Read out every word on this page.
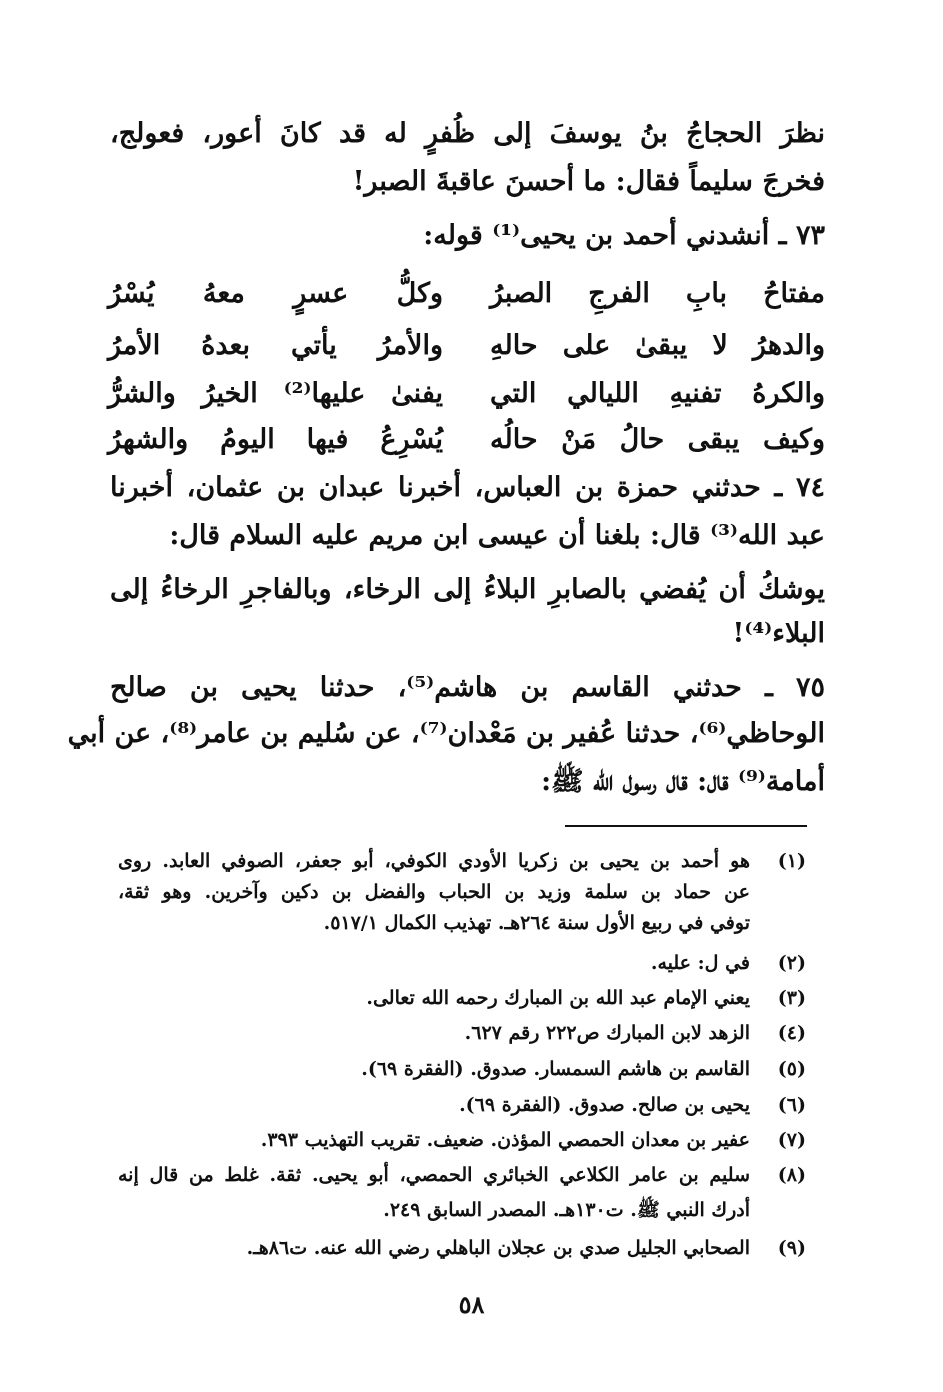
نظرَ الحجاجُ بنُ يوسفَ إلى ظُفرٍ له قد كانَ أعور، فعولج،
فخرجَ سليماً فقال: ما أحسنَ عاقبةَ الصبر!
٧٣ ـ أنشدني أحمد بن يحيى⁽¹⁾ قوله:
مفتاحُ بابِ الفرجِ الصبرُ
وكلُّ عسرٍ معهُ يُسْرُ
والدهرُ لا يبقىٰ على حالهِ
والأمرُ يأتي بعدهُ الأمرُ
والكرهُ تفنيهِ الليالي التي
يفنىٰ عليها⁽²⁾ الخيرُ والشرُّ
وكيف يبقى حالُ مَنْ حالُه
يُسْرِعُ فيها اليومُ والشهرُ
٧٤ ـ حدثني حمزة بن العباس، أخبرنا عبدان بن عثمان، أخبرنا
عبد الله⁽³⁾ قال: بلغنا أن عيسى ابن مريم عليه السلام قال:
يوشكُ أن يُفضي بالصابرِ البلاءُ إلى الرخاء، وبالفاجرِ الرخاءُ إلى
البلاء⁽⁴⁾!
٧٥ ـ حدثني القاسم بن هاشم⁽⁵⁾، حدثنا يحيى بن صالح
الوحاظي⁽⁶⁾، حدثنا عُفير بن مَعْدان⁽⁷⁾، عن سُليم بن عامر⁽⁸⁾، عن أبي
أمامة⁽⁹⁾ قال: قال رسول الله ﷺ:
(١)
هو أحمد بن يحيى بن زكريا الأودي الكوفي، أبو جعفر، الصوفي العابد. روى
عن حماد بن سلمة وزيد بن الحباب والفضل بن دكين وآخرين. وهو ثقة،
توفي في ربيع الأول سنة ٢٦٤هـ. تهذيب الكمال ٥١٧/١.
(٢)
في ل: عليه.
(٣)
يعني الإمام عبد الله بن المبارك رحمه الله تعالى.
(٤)
الزهد لابن المبارك ص٢٢٢ رقم ٦٢٧.
(٥)
القاسم بن هاشم السمسار. صدوق. (الفقرة ٦٩).
(٦)
يحيى بن صالح. صدوق. (الفقرة ٦٩).
(٧)
عفير بن معدان الحمصي المؤذن. ضعيف. تقريب التهذيب ٣٩٣.
(٨)
سليم بن عامر الكلاعي الخبائري الحمصي، أبو يحيى. ثقة. غلط من قال إنه
أدرك النبي ﷺ. ت١٣٠هـ. المصدر السابق ٢٤٩.
(٩)
الصحابي الجليل صدي بن عجلان الباهلي رضي الله عنه. ت٨٦هـ.
٥٨
